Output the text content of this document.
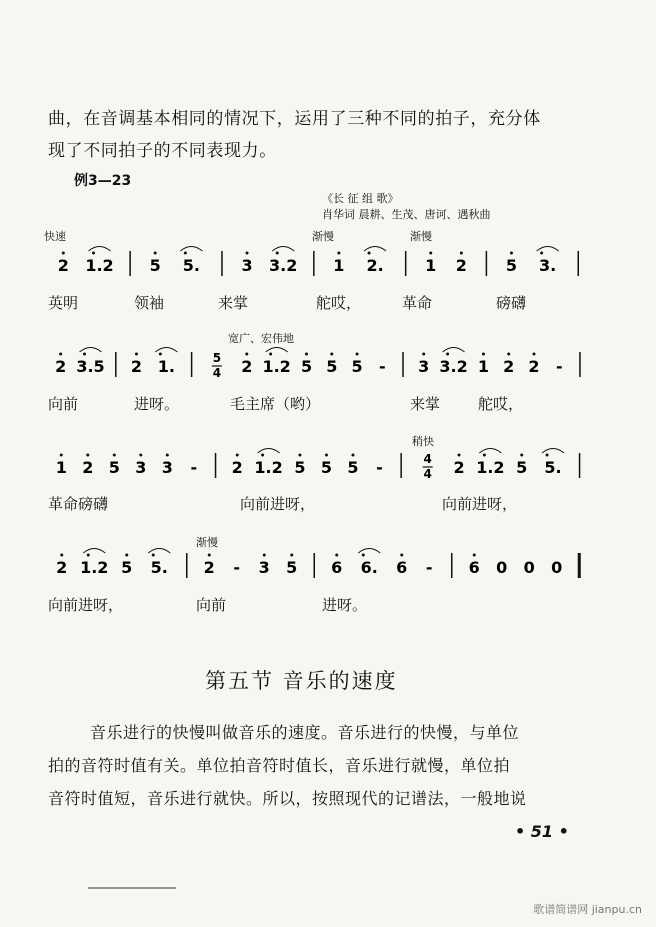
曲，在音调基本相同的情况下，运用了三种不同的拍子，充分体
现了不同拍子的不同表现力。
例3—23
《长 征 组 歌》
肖华词 晨耕、生茂、唐诃、遇秋曲
快速	渐慢	渐慢
宽广、宏伟地
稍快
渐慢
2 1.2 5 5.	3 3.2 1 2.	1 2 5 3.
2 3.5 2 1.	5
4 2 1.2 5 5 5 - 3 3.2 1 2 2 -
1 2 5 3 3 - 2 1.2 5 5 5 -	4
4 2 1.2 5 5.
2 1.2 5 5. 2 - 3 5 6 6. 6 - 6 0 0 0
英明	领袖	来掌	舵哎，	革命	磅礴
向前	进呀。	毛主席（哟）	来掌	舵哎，
革命磅礴	向前进呀，	向前进呀，
向前进呀，	向前	进呀。
第五节 音乐的速度
音乐进行的快慢叫做音乐的速度。音乐进行的快慢，与单位
拍的音符时值有关。单位拍音符时值长，音乐进行就慢，单位拍
音符时值短，音乐进行就快。所以，按照现代的记谱法，一般地说
• 51 •
歌谱简谱网 jianpu.cn
